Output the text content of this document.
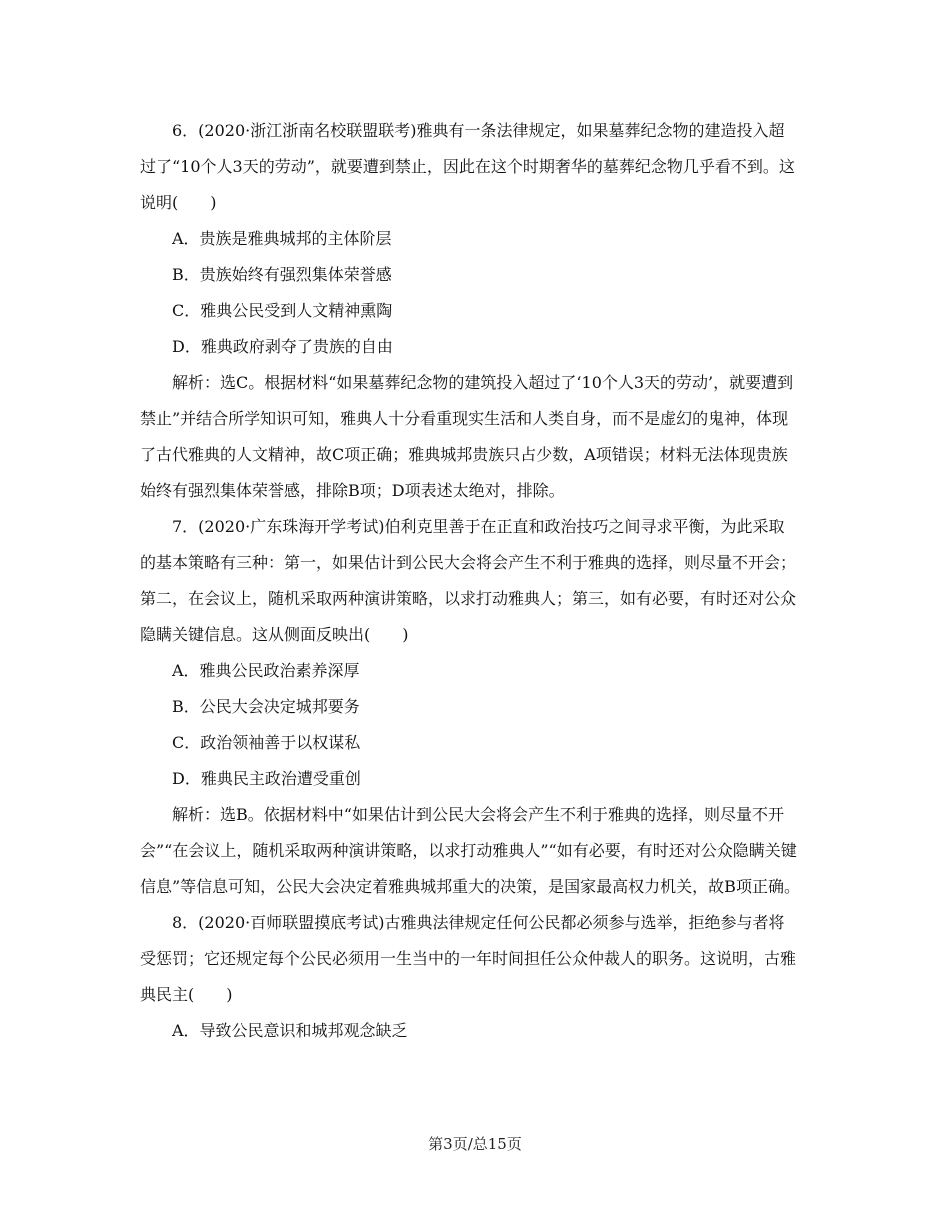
6．(2020·浙江浙南名校联盟联考)雅典有一条法律规定，如果墓葬纪念物的建造投入超
过了“10个人3天的劳动”，就要遭到禁止，因此在这个时期奢华的墓葬纪念物几乎看不到。这
说明(　　)
A．贵族是雅典城邦的主体阶层
B．贵族始终有强烈集体荣誉感
C．雅典公民受到人文精神熏陶
D．雅典政府剥夺了贵族的自由
解析：选C。根据材料“如果墓葬纪念物的建筑投入超过了‘10个人3天的劳动’，就要遭到
禁止”并结合所学知识可知，雅典人十分看重现实生活和人类自身，而不是虚幻的鬼神，体现
了古代雅典的人文精神，故C项正确；雅典城邦贵族只占少数，A项错误；材料无法体现贵族
始终有强烈集体荣誉感，排除B项；D项表述太绝对，排除。
7．(2020·广东珠海开学考试)伯利克里善于在正直和政治技巧之间寻求平衡，为此采取
的基本策略有三种：第一，如果估计到公民大会将会产生不利于雅典的选择，则尽量不开会；
第二，在会议上，随机采取两种演讲策略，以求打动雅典人；第三，如有必要，有时还对公众
隐瞒关键信息。这从侧面反映出(　　)
A．雅典公民政治素养深厚
B．公民大会决定城邦要务
C．政治领袖善于以权谋私
D．雅典民主政治遭受重创
解析：选B。依据材料中“如果估计到公民大会将会产生不利于雅典的选择，则尽量不开
会”“在会议上，随机采取两种演讲策略，以求打动雅典人”“如有必要，有时还对公众隐瞒关键
信息”等信息可知，公民大会决定着雅典城邦重大的决策，是国家最高权力机关，故B项正确。
8．(2020·百师联盟摸底考试)古雅典法律规定任何公民都必须参与选举，拒绝参与者将
受惩罚；它还规定每个公民必须用一生当中的一年时间担任公众仲裁人的职务。这说明，古雅
典民主(　　)
A．导致公民意识和城邦观念缺乏
第3页/总15页
